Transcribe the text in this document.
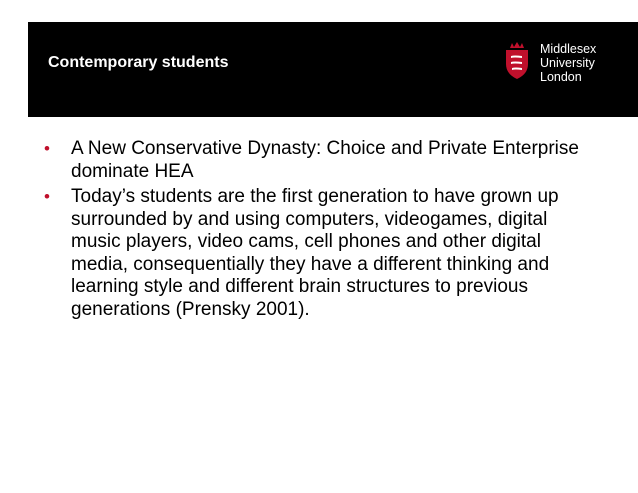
Contemporary students
Middlesex
University
London
• A New Conservative Dynasty: Choice and Private Enterprise dominate HEA
• Today’s students are the first generation to have grown up surrounded by and using computers, videogames, digital music players, video cams, cell phones and other digital media, consequentially they have a different thinking and learning style and different brain structures to previous generations (Prensky 2001).
